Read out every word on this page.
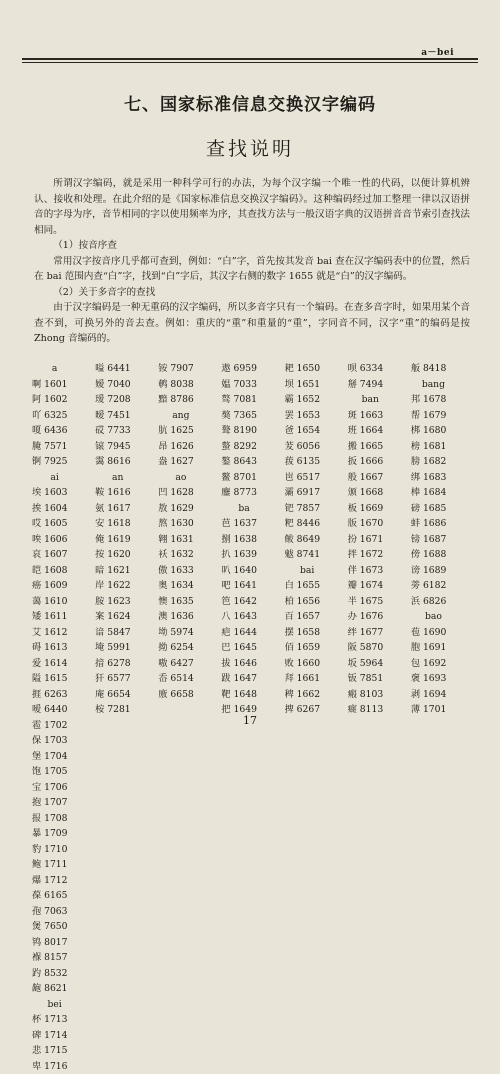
a－bei
七、国家标准信息交换汉字编码
查找说明

所谓汉字编码，就是采用一种科学可行的办法，为每个汉字编一个唯一性的代码，以便计算机辨认、接收和处理。在此介绍的是《国家标准信息交换汉字编码》。这种编码经过加工整理一律以汉语拼音的字母为序，音节相同的字以使用频率为序，其查找方法与一般汉语字典的汉语拼音音节索引查找法相同。

（1）按音序查

常用汉字按音序几乎都可查到，例如：“白”字，首先按其发音 bai 查在汉字编码表中的位置，然后在 bai 范围内查“白”字，找到“白”字后，其汉字右侧的数字 1655 就是“白”的汉字编码。

（2）关于多音字的查找

由于汉字编码是一种无重码的汉字编码，所以多音字只有一个编码。在查多音字时，如果用某个音查不到，可换另外的音去查。例如：重庆的“重”和重量的“重”，字同音不同，汉字“重”的编码是按 Zhong 音编码的。

a
啊 1601
阿 1602
吖 6325
嗄 6436
腌 7571
锕 7925
ai
埃 1603
挨 1604
哎 1605
唉 1606
哀 1607
皑 1608
癌 1609
蔼 1610
矮 1611
艾 1612
碍 1613
爱 1614
隘 1615
捱 6263
嗳 6440
嗌 6441
嫒 7040
瑷 7208
暧 7451
砹 7733
锿 7945
霭 8616
an
鞍 1616
氨 1617
安 1618
俺 1619
按 1620
暗 1621
岸 1622
胺 1623
案 1624
谙 5847
埯 5991
揞 6278
犴 6577
庵 6654
桉 7281
铵 7907
鹌 8038
黯 8786
ang
肮 1625
昂 1626
盎 1627
ao
凹 1628
敖 1629
熬 1630
翱 1631
袄 1632
傲 1633
奥 1634
懊 1635
澳 1636
坳 5974
拗 6254
嗷 6427
岙 6514
廒 6658
遨 6959
媪 7033
骜 7081
獒 7365
聱 8190
螯 8292
鏊 8643
鳌 8701
鏖 8773
ba
芭 1637
捌 1638
扒 1639
叭 1640
吧 1641
笆 1642
八 1643
疤 1644
巴 1645
拔 1646
跋 1647
靶 1648
把 1649
耙 1650
坝 1651
霸 1652
罢 1653
爸 1654
茇 6056
菝 6135
岜 6517
灞 6917
钯 7857
粑 8446
鲅 8649
魃 8741
bai
白 1655
柏 1656
百 1657
摆 1658
佰 1659
败 1660
拜 1661
稗 1662
捭 6267
呗 6334
掰 7494
ban
斑 1663
班 1664
搬 1665
扳 1666
般 1667
颁 1668
板 1669
版 1670
扮 1671
拌 1672
伴 1673
瓣 1674
半 1675
办 1676
绊 1677
阪 5870
坂 5964
钣 7851
瘢 8103
癍 8113
舨 8418
bang
邦 1678
帮 1679
梆 1680
榜 1681
膀 1682
绑 1683
棒 1684
磅 1685
蚌 1686
镑 1687
傍 1688
谤 1689
蒡 6182
浜 6826
bao
苞 1690
胞 1691
包 1692
褒 1693
剥 1694
薄 1701
雹 1702
保 1703
堡 1704
饱 1705
宝 1706
抱 1707
报 1708
暴 1709
豹 1710
鲍 1711
爆 1712
葆 6165
孢 7063
煲 7650
鸨 8017
褓 8157
趵 8532
龅 8621
bei
杯 1713
碑 1714
悲 1715
卑 1716
17
